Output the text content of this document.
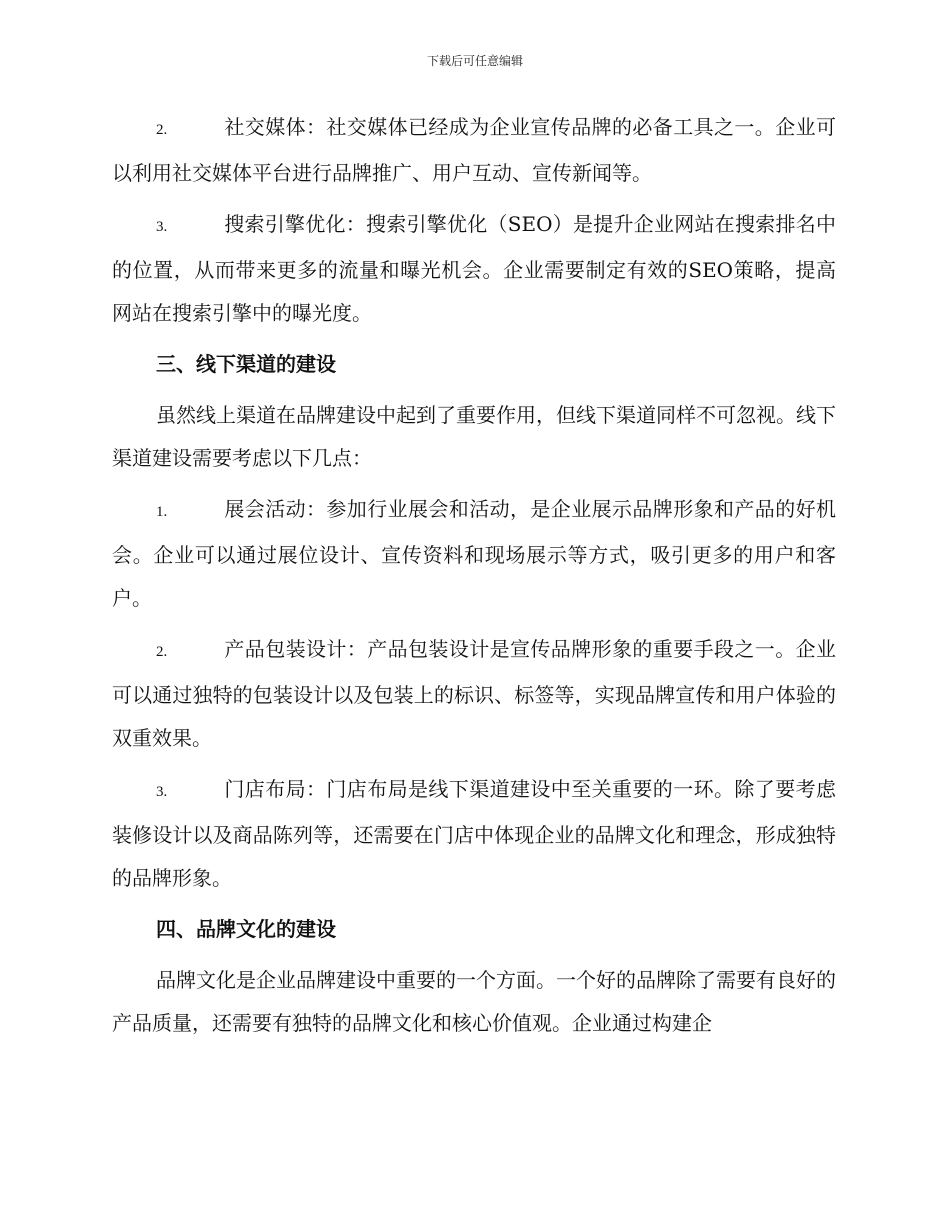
下载后可任意编辑

2.	社交媒体：社交媒体已经成为企业宣传品牌的必备工具之一。企业可以利用社交媒体平台进行品牌推广、用户互动、宣传新闻等。

3.	搜索引擎优化：搜索引擎优化（SEO）是提升企业网站在搜索排名中的位置，从而带来更多的流量和曝光机会。企业需要制定有效的SEO策略，提高网站在搜索引擎中的曝光度。

三、线下渠道的建设

虽然线上渠道在品牌建设中起到了重要作用，但线下渠道同样不可忽视。线下渠道建设需要考虑以下几点：

1.	展会活动：参加行业展会和活动，是企业展示品牌形象和产品的好机会。企业可以通过展位设计、宣传资料和现场展示等方式，吸引更多的用户和客户。

2.	产品包装设计：产品包装设计是宣传品牌形象的重要手段之一。企业可以通过独特的包装设计以及包装上的标识、标签等，实现品牌宣传和用户体验的双重效果。

3.	门店布局：门店布局是线下渠道建设中至关重要的一环。除了要考虑装修设计以及商品陈列等，还需要在门店中体现企业的品牌文化和理念，形成独特的品牌形象。

四、品牌文化的建设

品牌文化是企业品牌建设中重要的一个方面。一个好的品牌除了需要有良好的产品质量，还需要有独特的品牌文化和核心价值观。企业通过构建企
